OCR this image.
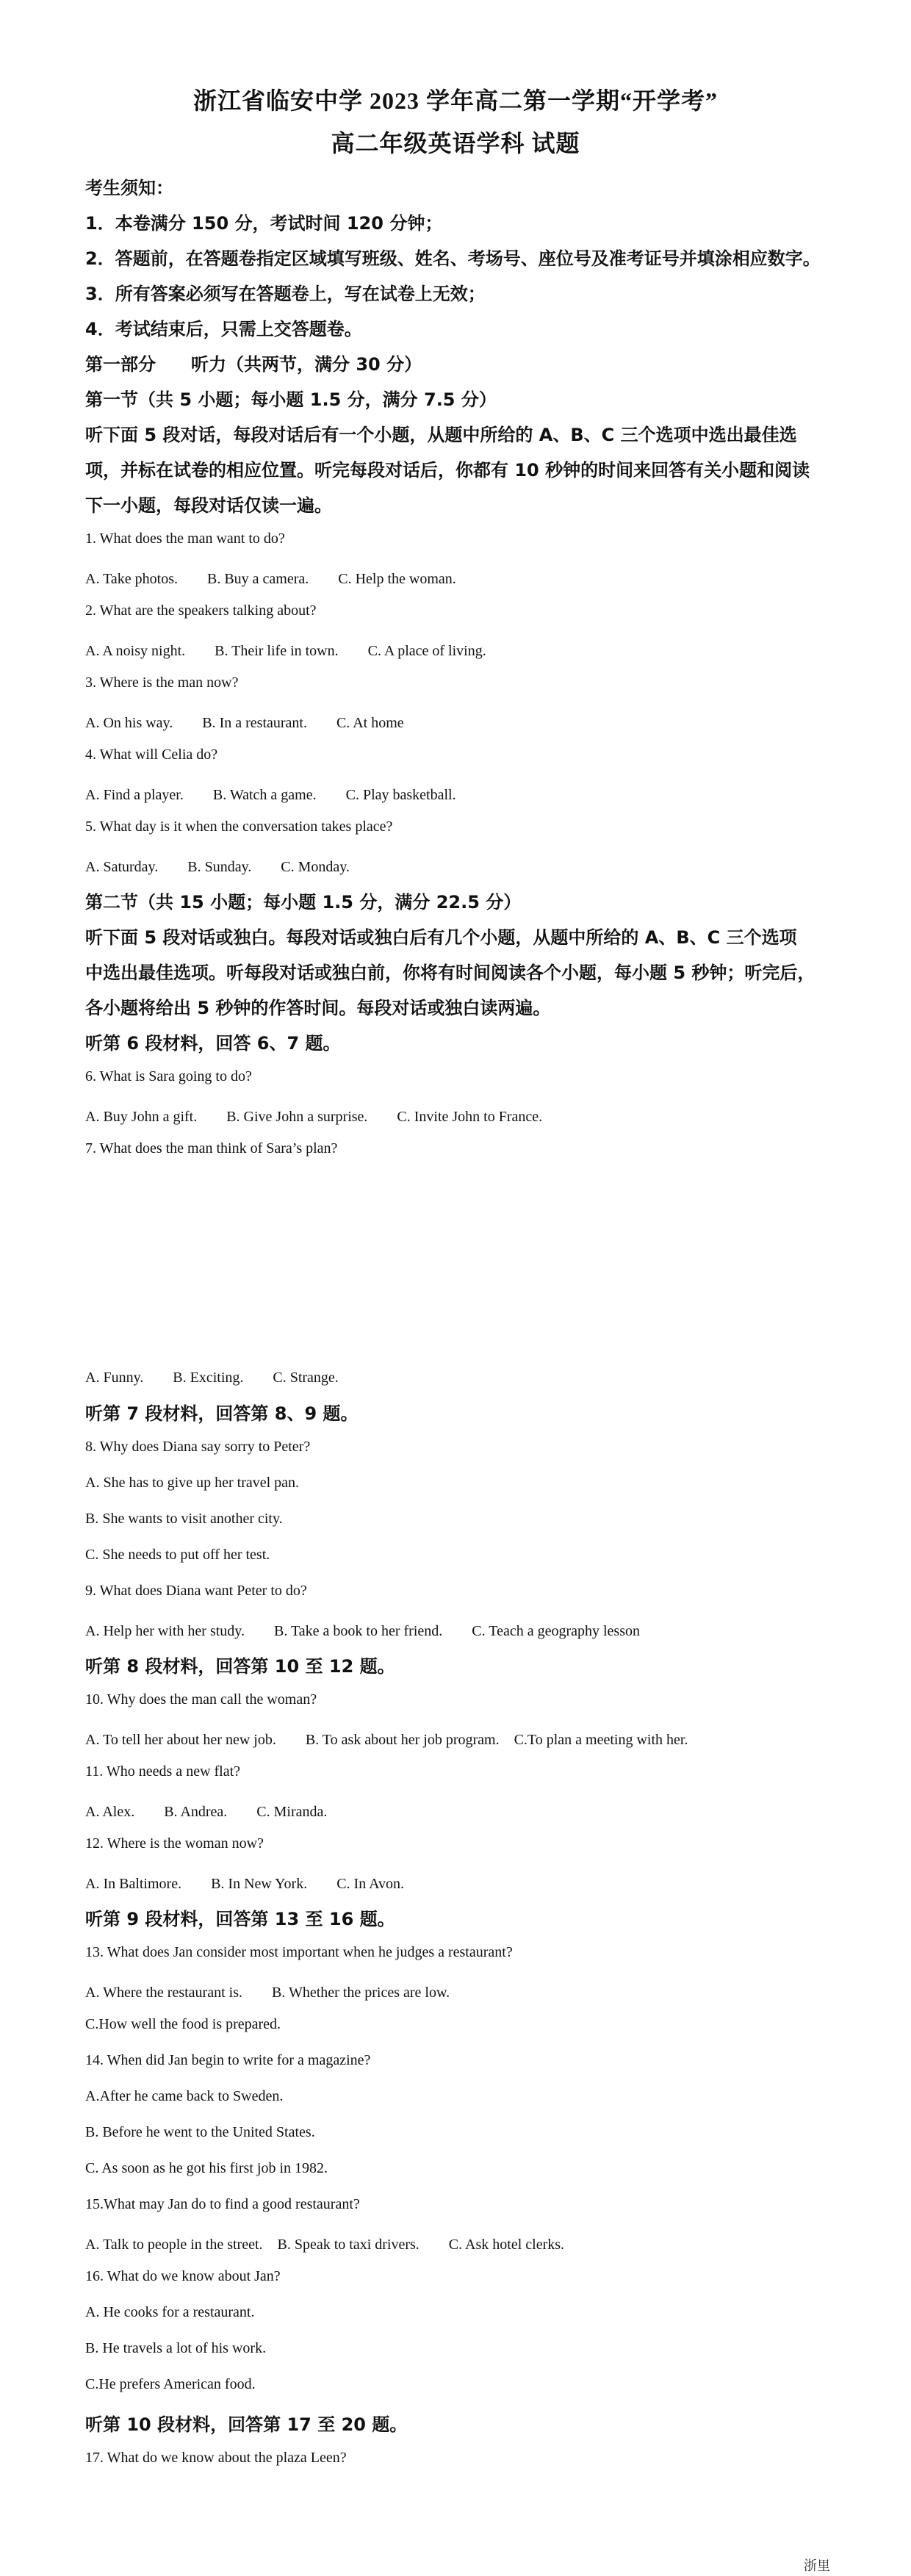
浙江省临安中学 2023 学年高二第一学期“开学考”
高二年级英语学科 试题
考生须知：
1．本卷满分 150 分，考试时间 120 分钟；
2．答题前，在答题卷指定区域填写班级、姓名、考场号、座位号及准考证号并填涂相应数字。
3．所有答案必须写在答题卷上，写在试卷上无效；
4．考试结束后，只需上交答题卷。
第一部分　　听力（共两节，满分 30 分）
第一节（共 5 小题；每小题 1.5 分，满分 7.5 分）
听下面 5 段对话，每段对话后有一个小题，从题中所给的 A、B、C 三个选项中选出最佳选
项，并标在试卷的相应位置。听完每段对话后，你都有 10 秒钟的时间来回答有关小题和阅读
下一小题，每段对话仅读一遍。
1. What does the man want to do?
A. Take photos.　　B. Buy a camera.　　C. Help the woman.
2. What are the speakers talking about?
A. A noisy night.　　B. Their life in town.　　C. A place of living.
3. Where is the man now?
A. On his way.　　B. In a restaurant.　　C. At home
4. What will Celia do?
A. Find a player.　　B. Watch a game.　　C. Play basketball.
5. What day is it when the conversation takes place?
A. Saturday.　　B. Sunday.　　C. Monday.
第二节（共 15 小题；每小题 1.5 分，满分 22.5 分）
听下面 5 段对话或独白。每段对话或独白后有几个小题，从题中所给的 A、B、C 三个选项
中选出最佳选项。听每段对话或独白前，你将有时间阅读各个小题，每小题 5 秒钟；听完后，
各小题将给出 5 秒钟的作答时间。每段对话或独白读两遍。
听第 6 段材料，回答 6、7 题。
6. What is Sara going to do?
A. Buy John a gift.　　B. Give John a surprise.　　C. Invite John to France.
7. What does the man think of Sara’s plan?
A. Funny.　　B. Exciting.　　C. Strange.
听第 7 段材料，回答第 8、9 题。
8. Why does Diana say sorry to Peter?
A. She has to give up her travel pan.
B. She wants to visit another city.
C. She needs to put off her test.
9. What does Diana want Peter to do?
A. Help her with her study.　　B. Take a book to her friend.　　C. Teach a geography lesson
听第 8 段材料，回答第 10 至 12 题。
10. Why does the man call the woman?
A. To tell her about her new job.　　B. To ask about her job program.　C.To plan a meeting with her.
11. Who needs a new flat?
A. Alex.　　B. Andrea.　　C. Miranda.
12. Where is the woman now?
A. In Baltimore.　　B. In New York.　　C. In Avon.
听第 9 段材料，回答第 13 至 16 题。
13. What does Jan consider most important when he judges a restaurant?
A. Where the restaurant is.　　B. Whether the prices are low.
C.How well the food is prepared.
14. When did Jan begin to write for a magazine?
A.After he came back to Sweden.
B. Before he went to the United States.
C. As soon as he got his first job in 1982.
15.What may Jan do to find a good restaurant?
A. Talk to people in the street.　B. Speak to taxi drivers.　　C. Ask hotel clerks.
16. What do we know about Jan?
A. He cooks for a restaurant.
B. He travels a lot of his work.
C.He prefers American food.
听第 10 段材料，回答第 17 至 20 题。
17. What do we know about the plaza Leen?
浙里
